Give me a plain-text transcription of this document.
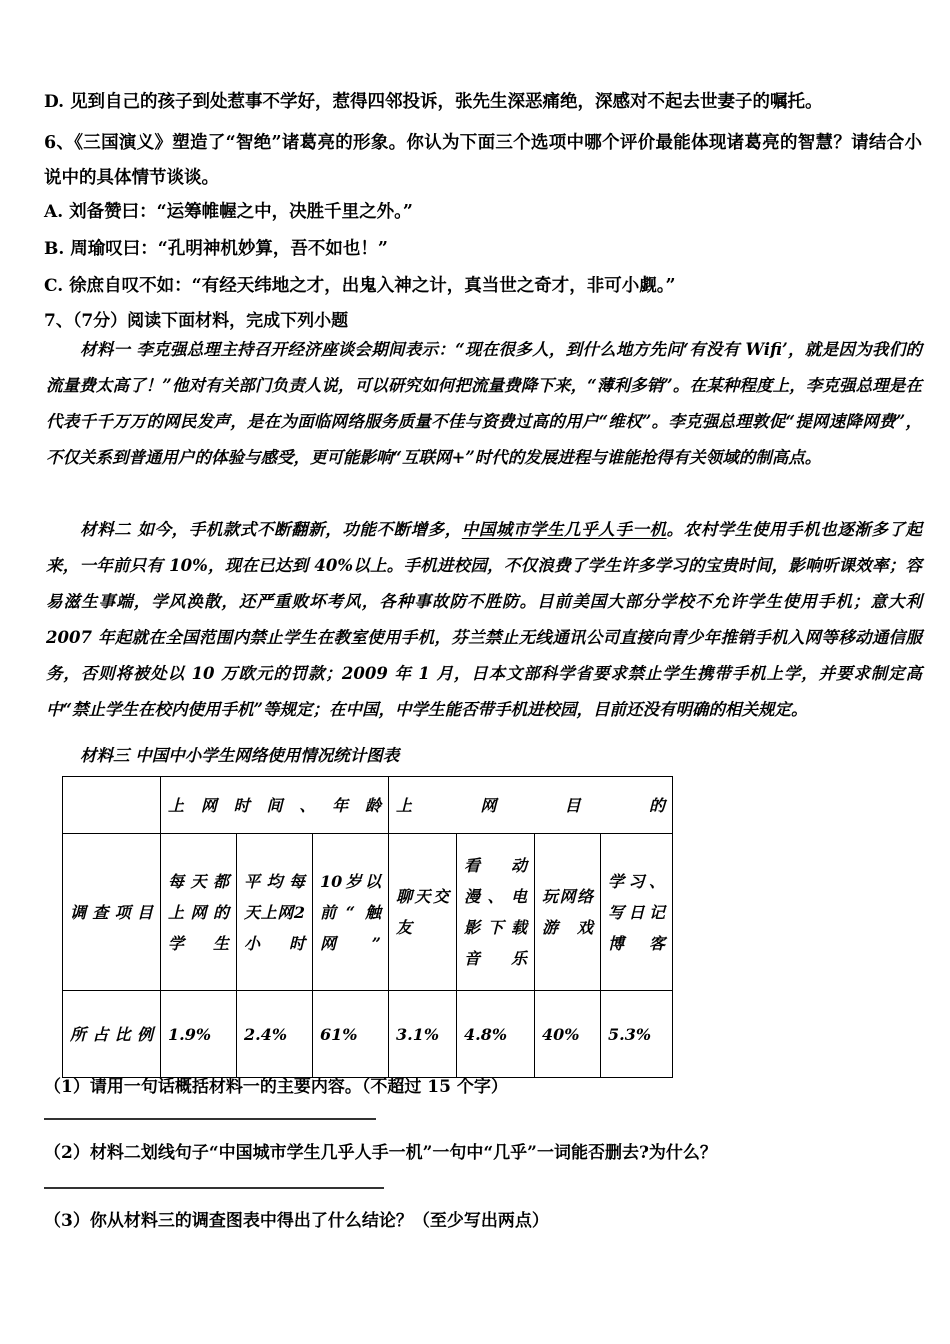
D. 见到自己的孩子到处惹事不学好，惹得四邻投诉，张先生深恶痛绝，深感对不起去世妻子的嘱托。
6、《三国演义》塑造了“智绝”诸葛亮的形象。你认为下面三个选项中哪个评价最能体现诸葛亮的智慧？请结合小说中的具体情节谈谈。
A. 刘备赞曰：“运筹帷幄之中，决胜千里之外。”
B. 周瑜叹曰：“孔明神机妙算，吾不如也！”
C. 徐庶自叹不如：“有经天纬地之才，出鬼入神之计，真当世之奇才，非可小觑。”
7、（7分）阅读下面材料，完成下列小题
材料一 李克强总理主持召开经济座谈会期间表示：“现在很多人，到什么地方先问‘有没有 Wifi’，就是因为我们的流量费太高了！”他对有关部门负责人说，可以研究如何把流量费降下来，“薄利多销”。在某种程度上，李克强总理是在代表千千万万的网民发声，是在为面临网络服务质量不佳与资费过高的用户“维权”。李克强总理敦促“提网速降网费”，不仅关系到普通用户的体验与感受，更可能影响“互联网+”时代的发展进程与谁能抢得有关领域的制高点。
材料二 如今，手机款式不断翻新，功能不断增多，中国城市学生几乎人手一机。农村学生使用手机也逐渐多了起来，一年前只有 10%，现在已达到 40%以上。手机进校园，不仅浪费了学生许多学习的宝贵时间，影响听课效率；容易滋生事端，学风涣散，还严重败坏考风，各种事故防不胜防。目前美国大部分学校不允许学生使用手机；意大利 2007 年起就在全国范围内禁止学生在教室使用手机，芬兰禁止无线通讯公司直接向青少年推销手机入网等移动通信服务，否则将被处以 10 万欧元的罚款；2009 年 1 月，日本文部科学省要求禁止学生携带手机上学，并要求制定高中“禁止学生在校内使用手机”等规定；在中国，中学生能否带手机进校园，目前还没有明确的相关规定。
材料三 中国中小学生网络使用情况统计图表
	上网时间、年龄			上网目的			
调查项目	每天都上网的学生	平均每天上网2小时	10岁以前“触网”	聊天交友	看动漫、电影下载音乐	玩网络游戏	学习、写日记博客
所占比例	1.9%	2.4%	61%	3.1%	4.8%	40%	5.3%
（1）请用一句话概括材料一的主要内容。（不超过 15 个字）
（2）材料二划线句子“中国城市学生几乎人手一机”一句中“几乎”一词能否删去?为什么？
（3）你从材料三的调查图表中得出了什么结论？（至少写出两点）
